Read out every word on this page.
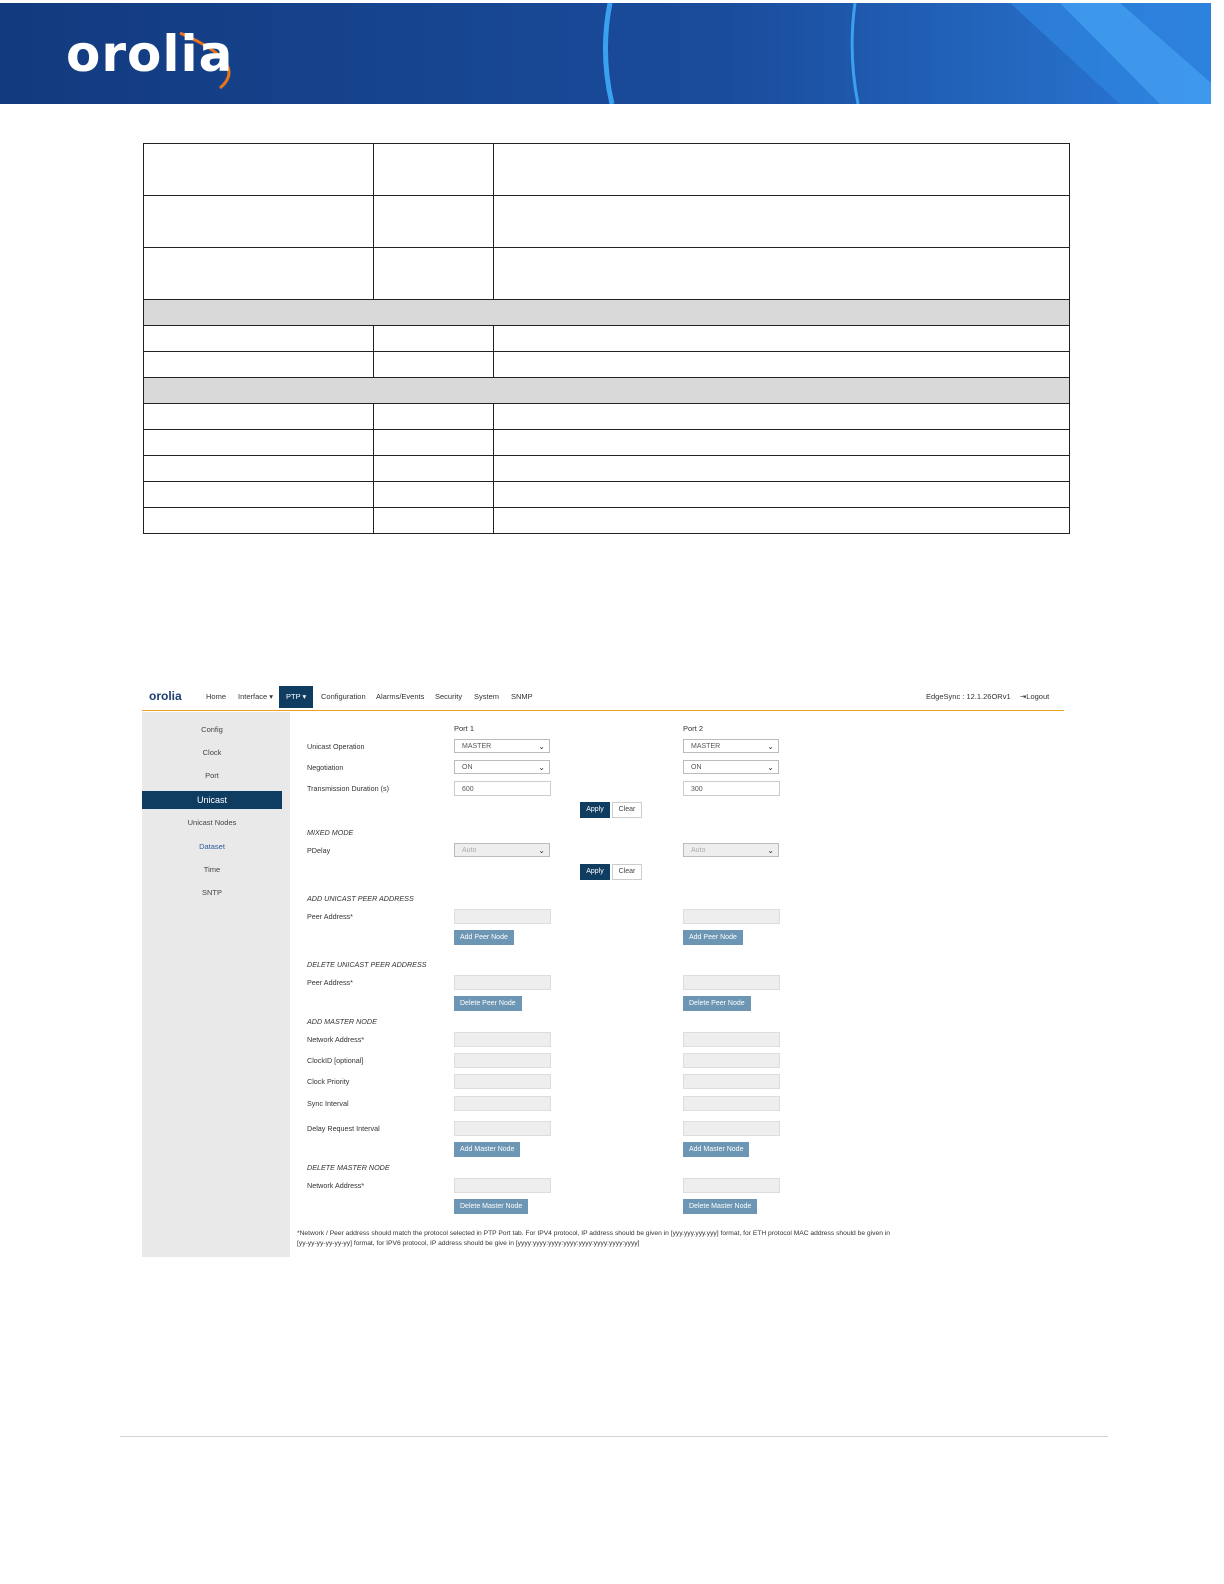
orolia

orolia	Home Interface ▾	PTP ▾	Configuration Alarms/Events Security System SNMP	EdgeSync : 12.1.26ORv1 ⇥Logout
Config
Clock
Port
Unicast
Unicast Nodes
Dataset
Time
SNTP
Port 1	Port 2
Unicast Operation	MASTER	⌄	MASTER	⌄
Negotiation	ON	⌄	ON	⌄
Transmission Duration (s)	600	300
Apply	Clear
MIXED MODE
PDelay	Auto	⌄	Auto	⌄
Apply	Clear
ADD UNICAST PEER ADDRESS
Peer Address*
Add Peer Node	Add Peer Node
DELETE UNICAST PEER ADDRESS
Peer Address*
Delete Peer Node	Delete Peer Node
ADD MASTER NODE
Network Address*
ClockID [optional]
Clock Priority
Sync Interval
Delay Request Interval
Add Master Node	Add Master Node
DELETE MASTER NODE
Network Address*
Delete Master Node	Delete Master Node
*Network / Peer address should match the protocol selected in PTP Port tab. For IPV4 protocol, IP address should be given in [yyy.yyy.yyy.yyy] format, for ETH protocol MAC address should be given in [yy-yy-yy-yy-yy-yy] format, for IPV6 protocol, IP address should be give in [yyyy:yyyy:yyyy:yyyy:yyyy:yyyy:yyyy:yyyy]
